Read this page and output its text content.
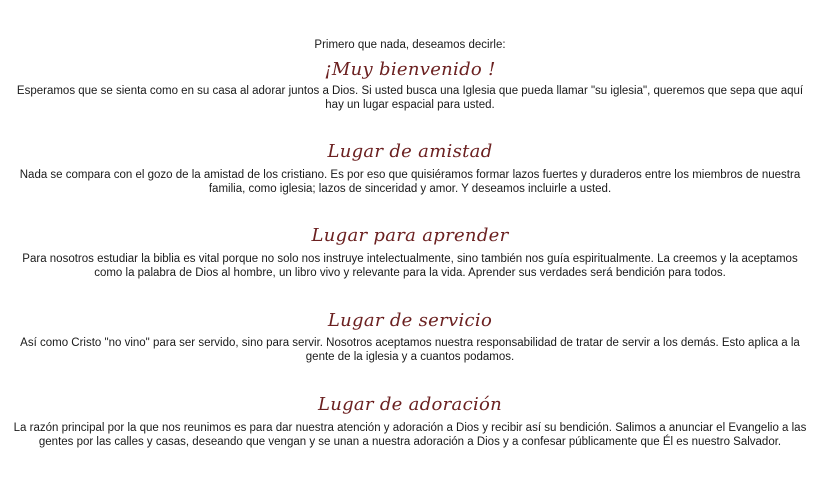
Primero que nada, deseamos decirle:
¡Muy bienvenido !
Esperamos que se sienta como en su casa al adorar juntos a Dios. Si usted busca una Iglesia que pueda llamar "su iglesia", queremos que sepa que aquí hay un lugar espacial para usted.
Lugar de amistad
Nada se compara con el gozo de la amistad de los cristiano. Es por eso que quisiéramos formar lazos fuertes y duraderos entre los miembros de nuestra familia, como iglesia; lazos de sinceridad y amor. Y deseamos incluirle a usted.
Lugar para aprender
Para nosotros estudiar la biblia es vital porque no solo nos instruye intelectualmente, sino también nos guía espiritualmente. La creemos y la aceptamos como la palabra de Dios al hombre, un libro vivo y relevante para la vida. Aprender sus verdades será bendición para todos.
Lugar de servicio
Así como Cristo "no vino" para ser servido, sino para servir. Nosotros aceptamos nuestra responsabilidad de tratar de servir a los demás. Esto aplica a la gente de la iglesia y a cuantos podamos.
Lugar de adoración
La razón principal por la que nos reunimos es para dar nuestra atención y adoración a Dios y recibir así su bendición. Salimos a anunciar el Evangelio a las gentes por las calles y casas, deseando que vengan y se unan a nuestra adoración a Dios y a confesar públicamente que Él es nuestro Salvador.
